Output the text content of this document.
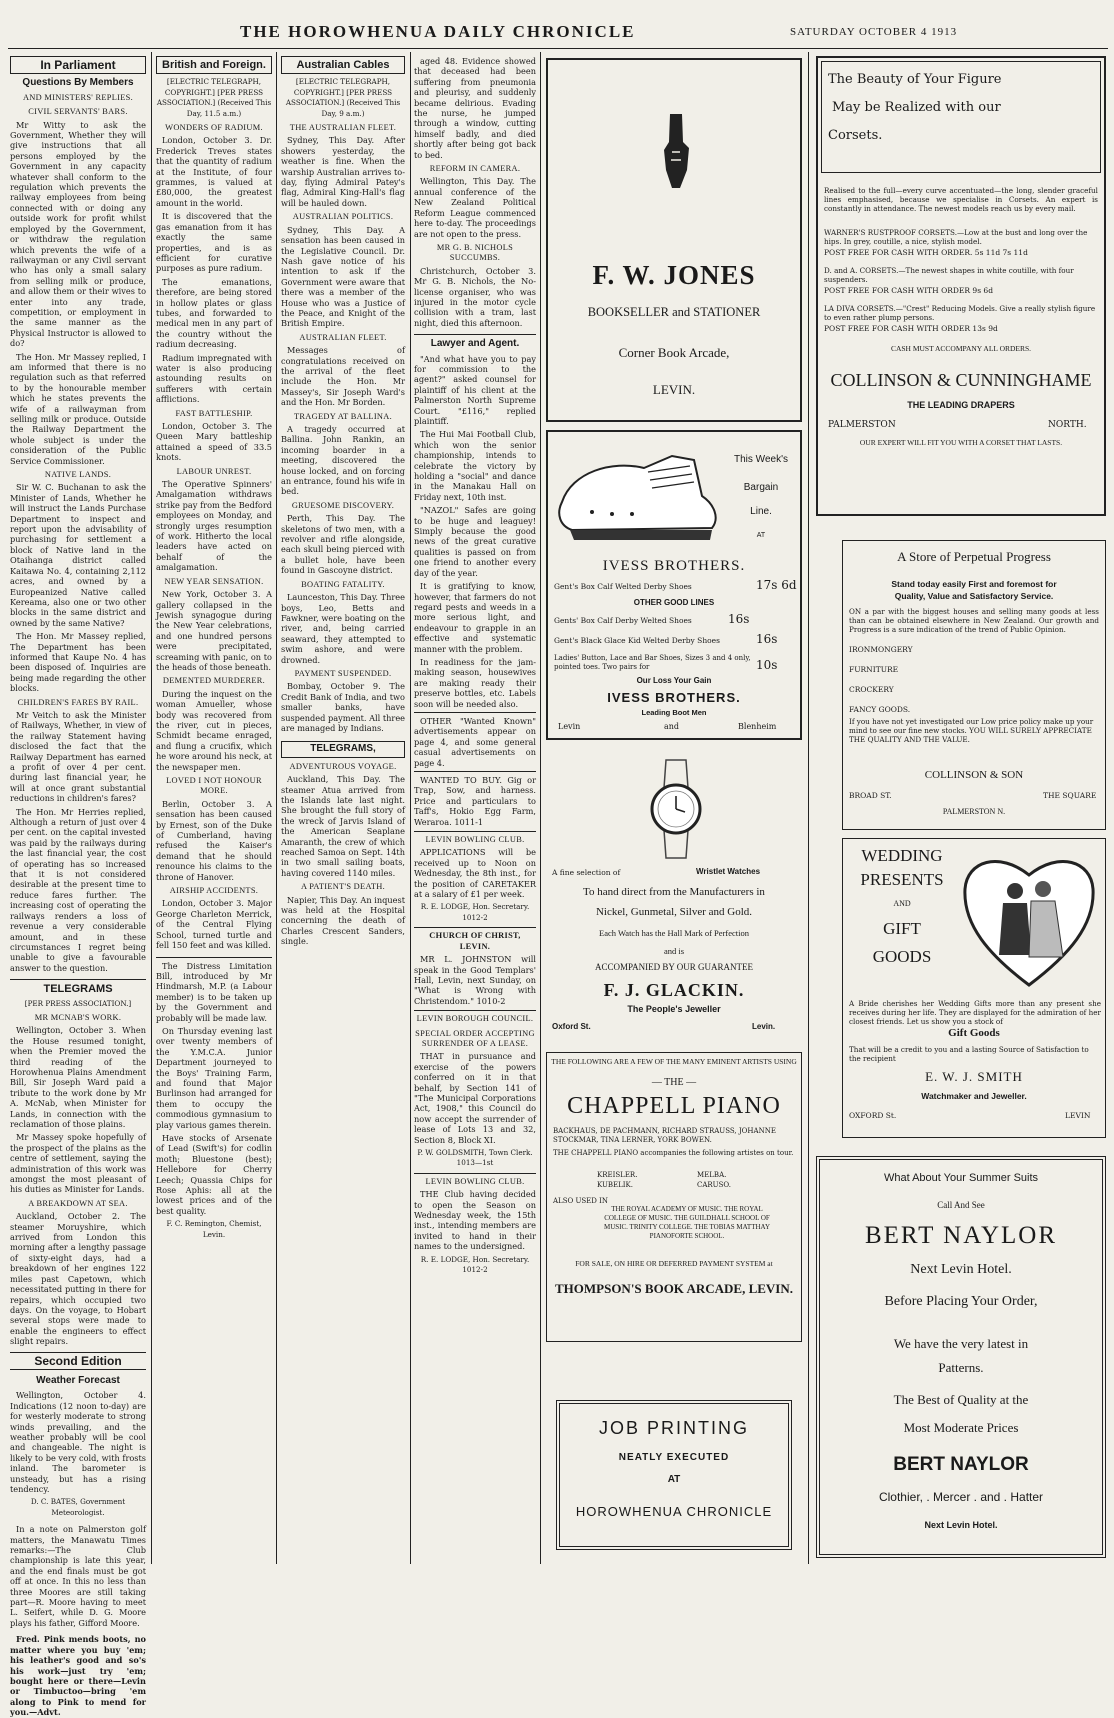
THE HOROWHENUA DAILY CHRONICLE	SATURDAY OCTOBER 4 1913
In Parliament
Questions By Members
AND MINISTERS' REPLIES.
CIVIL SERVANTS' BARS.

Mr Witty to ask the Government, Whether they will give instructions that all persons employed by the Government in any capacity whatever shall conform to the regulation which prevents the railway employees from being connected with or doing any outside work for profit whilst employed by the Government, or withdraw the regulation which prevents the wife of a railwayman or any Civil servant who has only a small salary from selling milk or produce, and allow them or their wives to enter into any trade, competition, or employment in the same manner as the Physical Instructor is allowed to do?

The Hon. Mr Massey replied, I am informed that there is no regulation such as that referred to by the honourable member which he states prevents the wife of a railwayman from selling milk or produce. Outside the Railway Department the whole subject is under the consideration of the Public Service Commissioner.

NATIVE LANDS.

Sir W. C. Buchanan to ask the Minister of Lands, Whether he will instruct the Lands Purchase Department to inspect and report upon the advisability of purchasing for settlement a block of Native land in the Otaihanga district called Kaitawa No. 4, containing 2,112 acres, and owned by a Europeanized Native called Kereama, also one or two other blocks in the same district and owned by the same Native?

The Hon. Mr Massey replied, The Department has been informed that Kaupe No. 4 has been disposed of. Inquiries are being made regarding the other blocks.

CHILDREN'S FARES BY RAIL.

Mr Veitch to ask the Minister of Railways, Whether, in view of the railway Statement having disclosed the fact that the Railway Department has earned a profit of over 4 per cent. during last financial year, he will at once grant substantial reductions in children's fares?

The Hon. Mr Herries replied, Although a return of just over 4 per cent. on the capital invested was paid by the railways during the last financial year, the cost of operating has so increased that it is not considered desirable at the present time to reduce fares further. The increasing cost of operating the railways renders a loss of revenue a very considerable amount, and in these circumstances I regret being unable to give a favourable answer to the question.

TELEGRAMS
[PER PRESS ASSOCIATION.]
MR MCNAB'S WORK.

Wellington, October 3. When the House resumed tonight, when the Premier moved the third reading of the Horowhenua Plains Amendment Bill, Sir Joseph Ward paid a tribute to the work done by Mr A. McNab, when Minister for Lands, in connection with the reclamation of those plains.

Mr Massey spoke hopefully of the prospect of the plains as the centre of settlement, saying the administration of this work was amongst the most pleasant of his duties as Minister for Lands.

A BREAKDOWN AT SEA.

Auckland, October 2. The steamer Moruyshire, which arrived from London this morning after a lengthy passage of sixty-eight days, had a breakdown of her engines 122 miles past Capetown, which necessitated putting in there for repairs, which occupied two days. On the voyage, to Hobart several stops were made to enable the engineers to effect slight repairs.

Second Edition
Weather Forecast

Wellington, October 4. Indications (12 noon to-day) are for westerly moderate to strong winds prevailing, and the weather probably will be cool and changeable. The night is likely to be very cold, with frosts inland. The barometer is unsteady, but has a rising tendency.

D. C. BATES, Government Meteorologist.

In a note on Palmerston golf matters, the Manawatu Times remarks:—The Club championship is late this year, and the end finals must be got off at once. In this no less than three Moores are still taking part—R. Moore having to meet L. Seifert, while D. G. Moore plays his father, Gifford Moore.

Fred. Pink mends boots, no matter where you buy 'em; his leather's good and so's his work—just try 'em; bought here or there—Levin or Timbuctoo—bring 'em along to Pink to mend for you.—Advt.

British and Foreign.
[ELECTRIC TELEGRAPH, COPYRIGHT.] [PER PRESS ASSOCIATION.] (Received This Day, 11.5 a.m.)
WONDERS OF RADIUM.

London, October 3. Dr. Frederick Treves states that the quantity of radium at the Institute, of four grammes, is valued at £80,000, the greatest amount in the world.

It is discovered that the gas emanation from it has exactly the same properties, and is as efficient for curative purposes as pure radium.

The emanations, therefore, are being stored in hollow plates or glass tubes, and forwarded to medical men in any part of the country without the radium decreasing.

Radium impregnated with water is also producing astounding results on sufferers with certain afflictions.

FAST BATTLESHIP.

London, October 3. The Queen Mary battleship attained a speed of 33.5 knots.

LABOUR UNREST.

The Operative Spinners' Amalgamation withdraws strike pay from the Bedford employees on Monday, and strongly urges resumption of work. Hitherto the local leaders have acted on behalf of the amalgamation.

NEW YEAR SENSATION.

New York, October 3. A gallery collapsed in the Jewish synagogue during the New Year celebrations, and one hundred persons were precipitated, screaming with panic, on to the heads of those beneath.

DEMENTED MURDERER.

During the inquest on the woman Amueller, whose body was recovered from the river, cut in pieces, Schmidt became enraged, and flung a crucifix, which he wore around his neck, at the newspaper men.

LOVED I NOT HONOUR MORE.

Berlin, October 3. A sensation has been caused by Ernest, son of the Duke of Cumberland, having refused the Kaiser's demand that he should renounce his claims to the throne of Hanover.

AIRSHIP ACCIDENTS.

London, October 3. Major George Charleton Merrick, of the Central Flying School, turned turtle and fell 150 feet and was killed.

The Distress Limitation Bill, introduced by Mr Hindmarsh, M.P. (a Labour member) is to be taken up by the Government and probably will be made law.

On Thursday evening last over twenty members of the Y.M.C.A. Junior Department journeyed to the Boys' Training Farm, and found that Major Burlinson had arranged for them to occupy the commodious gymnasium to play various games therein.

Have stocks of Arsenate of Lead (Swift's) for codlin moth; Bluestone (best); Hellebore for Cherry Leech; Quassia Chips for Rose Aphis: all at the lowest prices and of the best quality.

F. C. Remington, Chemist, Levin.
Australian Cables
[ELECTRIC TELEGRAPH, COPYRIGHT.] [PER PRESS ASSOCIATION.] (Received This Day, 9 a.m.)
THE AUSTRALIAN FLEET.

Sydney, This Day. After showers yesterday, the weather is fine. When the warship Australian arrives to-day, flying Admiral Patey's flag, Admiral King-Hall's flag will be hauled down.

AUSTRALIAN POLITICS.

Sydney, This Day. A sensation has been caused in the Legislative Council. Dr. Nash gave notice of his intention to ask if the Government were aware that there was a member of the House who was a Justice of the Peace, and Knight of the British Empire.

AUSTRALIAN FLEET.

Messages of congratulations received on the arrival of the fleet include the Hon. Mr Massey's, Sir Joseph Ward's and the Hon. Mr Borden.

TRAGEDY AT BALLINA.

A tragedy occurred at Ballina. John Rankin, an incoming boarder in a meeting, discovered the house locked, and on forcing an entrance, found his wife in bed.

GRUESOME DISCOVERY.

Perth, This Day. The skeletons of two men, with a revolver and rifle alongside, each skull being pierced with a bullet hole, have been found in Gascoyne district.

BOATING FATALITY.

Launceston, This Day. Three boys, Leo, Betts and Fawkner, were boating on the river, and, being carried seaward, they attempted to swim ashore, and were drowned.

PAYMENT SUSPENDED.

Bombay, October 9. The Credit Bank of India, and two smaller banks, have suspended payment. All three are managed by Indians.

TELEGRAMS,
ADVENTUROUS VOYAGE.

Auckland, This Day. The steamer Atua arrived from the Islands late last night. She brought the full story of the wreck of Jarvis Island of the American Seaplane Amaranth, the crew of which reached Samoa on Sept. 14th in two small sailing boats, having covered 1140 miles.

A PATIENT'S DEATH.

Napier, This Day. An inquest was held at the Hospital concerning the death of Charles Crescent Sanders, single.

aged 48. Evidence showed that deceased had been suffering from pneumonia and pleurisy, and suddenly became delirious. Evading the nurse, he jumped through a window, cutting himself badly, and died shortly after being got back to bed.

REFORM IN CAMERA.

Wellington, This Day. The annual conference of the New Zealand Political Reform League commenced here to-day. The proceedings are not open to the press.

MR G. B. NICHOLS SUCCUMBS.

Christchurch, October 3. Mr G. B. Nichols, the No-license organiser, who was injured in the motor cycle collision with a tram, last night, died this afternoon.

Lawyer and Agent.

"And what have you to pay for commission to the agent?" asked counsel for plaintiff of his client at the Palmerston North Supreme Court. "£116," replied plaintiff.

The Hui Mai Football Club, which won the senior championship, intends to celebrate the victory by holding a "social" and dance in the Manakau Hall on Friday next, 10th inst.

"NAZOL" Safes are going to be huge and leaguey! Simply because the good news of the great curative qualities is passed on from one friend to another every day of the year.

It is gratifying to know, however, that farmers do not regard pests and weeds in a more serious light, and endeavour to grapple in an effective and systematic manner with the problem.

In readiness for the jam-making season, housewives are making ready their preserve bottles, etc. Labels soon will be needed also.

OTHER "Wanted Known" advertisements appear on page 4, and some general casual advertisements on page 4.

WANTED TO BUY. Gig or Trap, Sow, and harness. Price and particulars to Taff's, Hokio Egg Farm, Weraroa. 1011-1

LEVIN BOWLING CLUB.

APPLICATIONS will be received up to Noon on Wednesday, the 8th inst., for the position of CARETAKER at a salary of £1 per week.

R. E. LODGE, Hon. Secretary. 1012-2
CHURCH OF CHRIST, LEVIN.

MR L. JOHNSTON will speak in the Good Templars' Hall, Levin, next Sunday, on "What is Wrong with Christendom." 1010-2

LEVIN BOROUGH COUNCIL.
SPECIAL ORDER ACCEPTING SURRENDER OF A LEASE.

THAT in pursuance and exercise of the powers conferred on it in that behalf, by Section 141 of "The Municipal Corporations Act, 1908," this Council do now accept the surrender of lease of Lots 13 and 32, Section 8, Block XI.

P. W. GOLDSMITH, Town Clerk. 1013—1st
LEVIN BOWLING CLUB.

THE Club having decided to open the Season on Wednesday week, the 15th inst., intending members are invited to hand in their names to the undersigned.

R. E. LODGE, Hon. Secretary. 1012-2
F. W. JONES
BOOKSELLER and STATIONER
Corner Book Arcade,
LEVIN.
This Week's
Bargain
Line.
AT
IVESS BROTHERS.
Gent's Box Calf Welted Derby Shoes	17s 6d
OTHER GOOD LINES
Gents' Box Calf Derby Welted Shoes	16s
Gent's Black Glace Kid Welted Derby Shoes	16s
Ladies' Button, Lace and Bar Shoes, Sizes 3 and 4 only, pointed toes. Two pairs for	10s
Our Loss Your Gain
IVESS BROTHERS.
Leading Boot Men
Levin	and	Blenheim
A fine selection of	Wristlet Watches
To hand direct from the Manufacturers in
Nickel, Gunmetal, Silver and Gold.
Each Watch has the Hall Mark of Perfection
and is
ACCOMPANIED BY OUR GUARANTEE
F. J. GLACKIN.
The People's Jeweller
Oxford St.	Levin.
THE FOLLOWING ARE A FEW OF THE MANY EMINENT ARTISTS USING
— THE —
CHAPPELL PIANO
BACKHAUS, DE PACHMANN, RICHARD STRAUSS, JOHANNE STOCKMAR, TINA LERNER, YORK BOWEN.
THE CHAPPELL PIANO accompanies the following artistes on tour.
KREISLER.	MELBA.
KUBELIK.	CARUSO.
ALSO USED IN
THE ROYAL ACADEMY OF MUSIC. THE ROYAL COLLEGE OF MUSIC. THE GUILDHALL SCHOOL OF MUSIC. TRINITY COLLEGE. THE TOBIAS MATTHAY PIANOFORTE SCHOOL.
FOR SALE, ON HIRE OR DEFERRED PAYMENT SYSTEM at
THOMPSON'S BOOK ARCADE, LEVIN.
JOB PRINTING
NEATLY EXECUTED
AT
HOROWHENUA CHRONICLE
The Beauty of Your Figure
May be Realized with our
Corsets.
Realised to the full—every curve accentuated—the long, slender graceful lines emphasised, because we specialise in Corsets. An expert is constantly in attendance. The newest models reach us by every mail.
WARNER'S RUSTPROOF CORSETS.—Low at the bust and long over the hips. In grey, coutille, a nice, stylish model.
POST FREE FOR CASH WITH ORDER. 5s 11d 7s 11d
D. and A. CORSETS.—The newest shapes in white coutille, with four suspenders.
POST FREE FOR CASH WITH ORDER 9s 6d
LA DIVA CORSETS.—"Crest" Reducing Models. Give a really stylish figure to even rather plump persons.
POST FREE FOR CASH WITH ORDER 13s 9d
CASH MUST ACCOMPANY ALL ORDERS.
COLLINSON & CUNNINGHAME
THE LEADING DRAPERS
PALMERSTON	NORTH.
OUR EXPERT WILL FIT YOU WITH A CORSET THAT LASTS.
A Store of Perpetual Progress
Stand today easily First and foremost for
Quality, Value and Satisfactory Service.
ON a par with the biggest houses and selling many goods at less than can be obtained elsewhere in New Zealand. Our growth and Progress is a sure indication of the trend of Public Opinion.
IRONMONGERY
FURNITURE
CROCKERY
FANCY GOODS.
If you have not yet investigated our Low price policy make up your mind to see our fine new stocks. YOU WILL SURELY APPRECIATE THE QUALITY AND THE VALUE.
COLLINSON & SON
BROAD ST.	THE SQUARE
PALMERSTON N.
WEDDING
PRESENTS
AND
GIFT
GOODS
A Bride cherishes her Wedding Gifts more than any present she receives during her life. They are displayed for the admiration of her closest friends. Let us show you a stock of
Gift Goods
That will be a credit to you and a lasting Source of Satisfaction to the recipient
E. W. J. SMITH
Watchmaker and Jeweller.
OXFORD St.	LEVIN
What About Your Summer Suits
Call And See
BERT NAYLOR
Next Levin Hotel.
Before Placing Your Order,
We have the very latest in
Patterns.
The Best of Quality at the
Most Moderate Prices
BERT NAYLOR
Clothier, . Mercer . and . Hatter
Next Levin Hotel.
